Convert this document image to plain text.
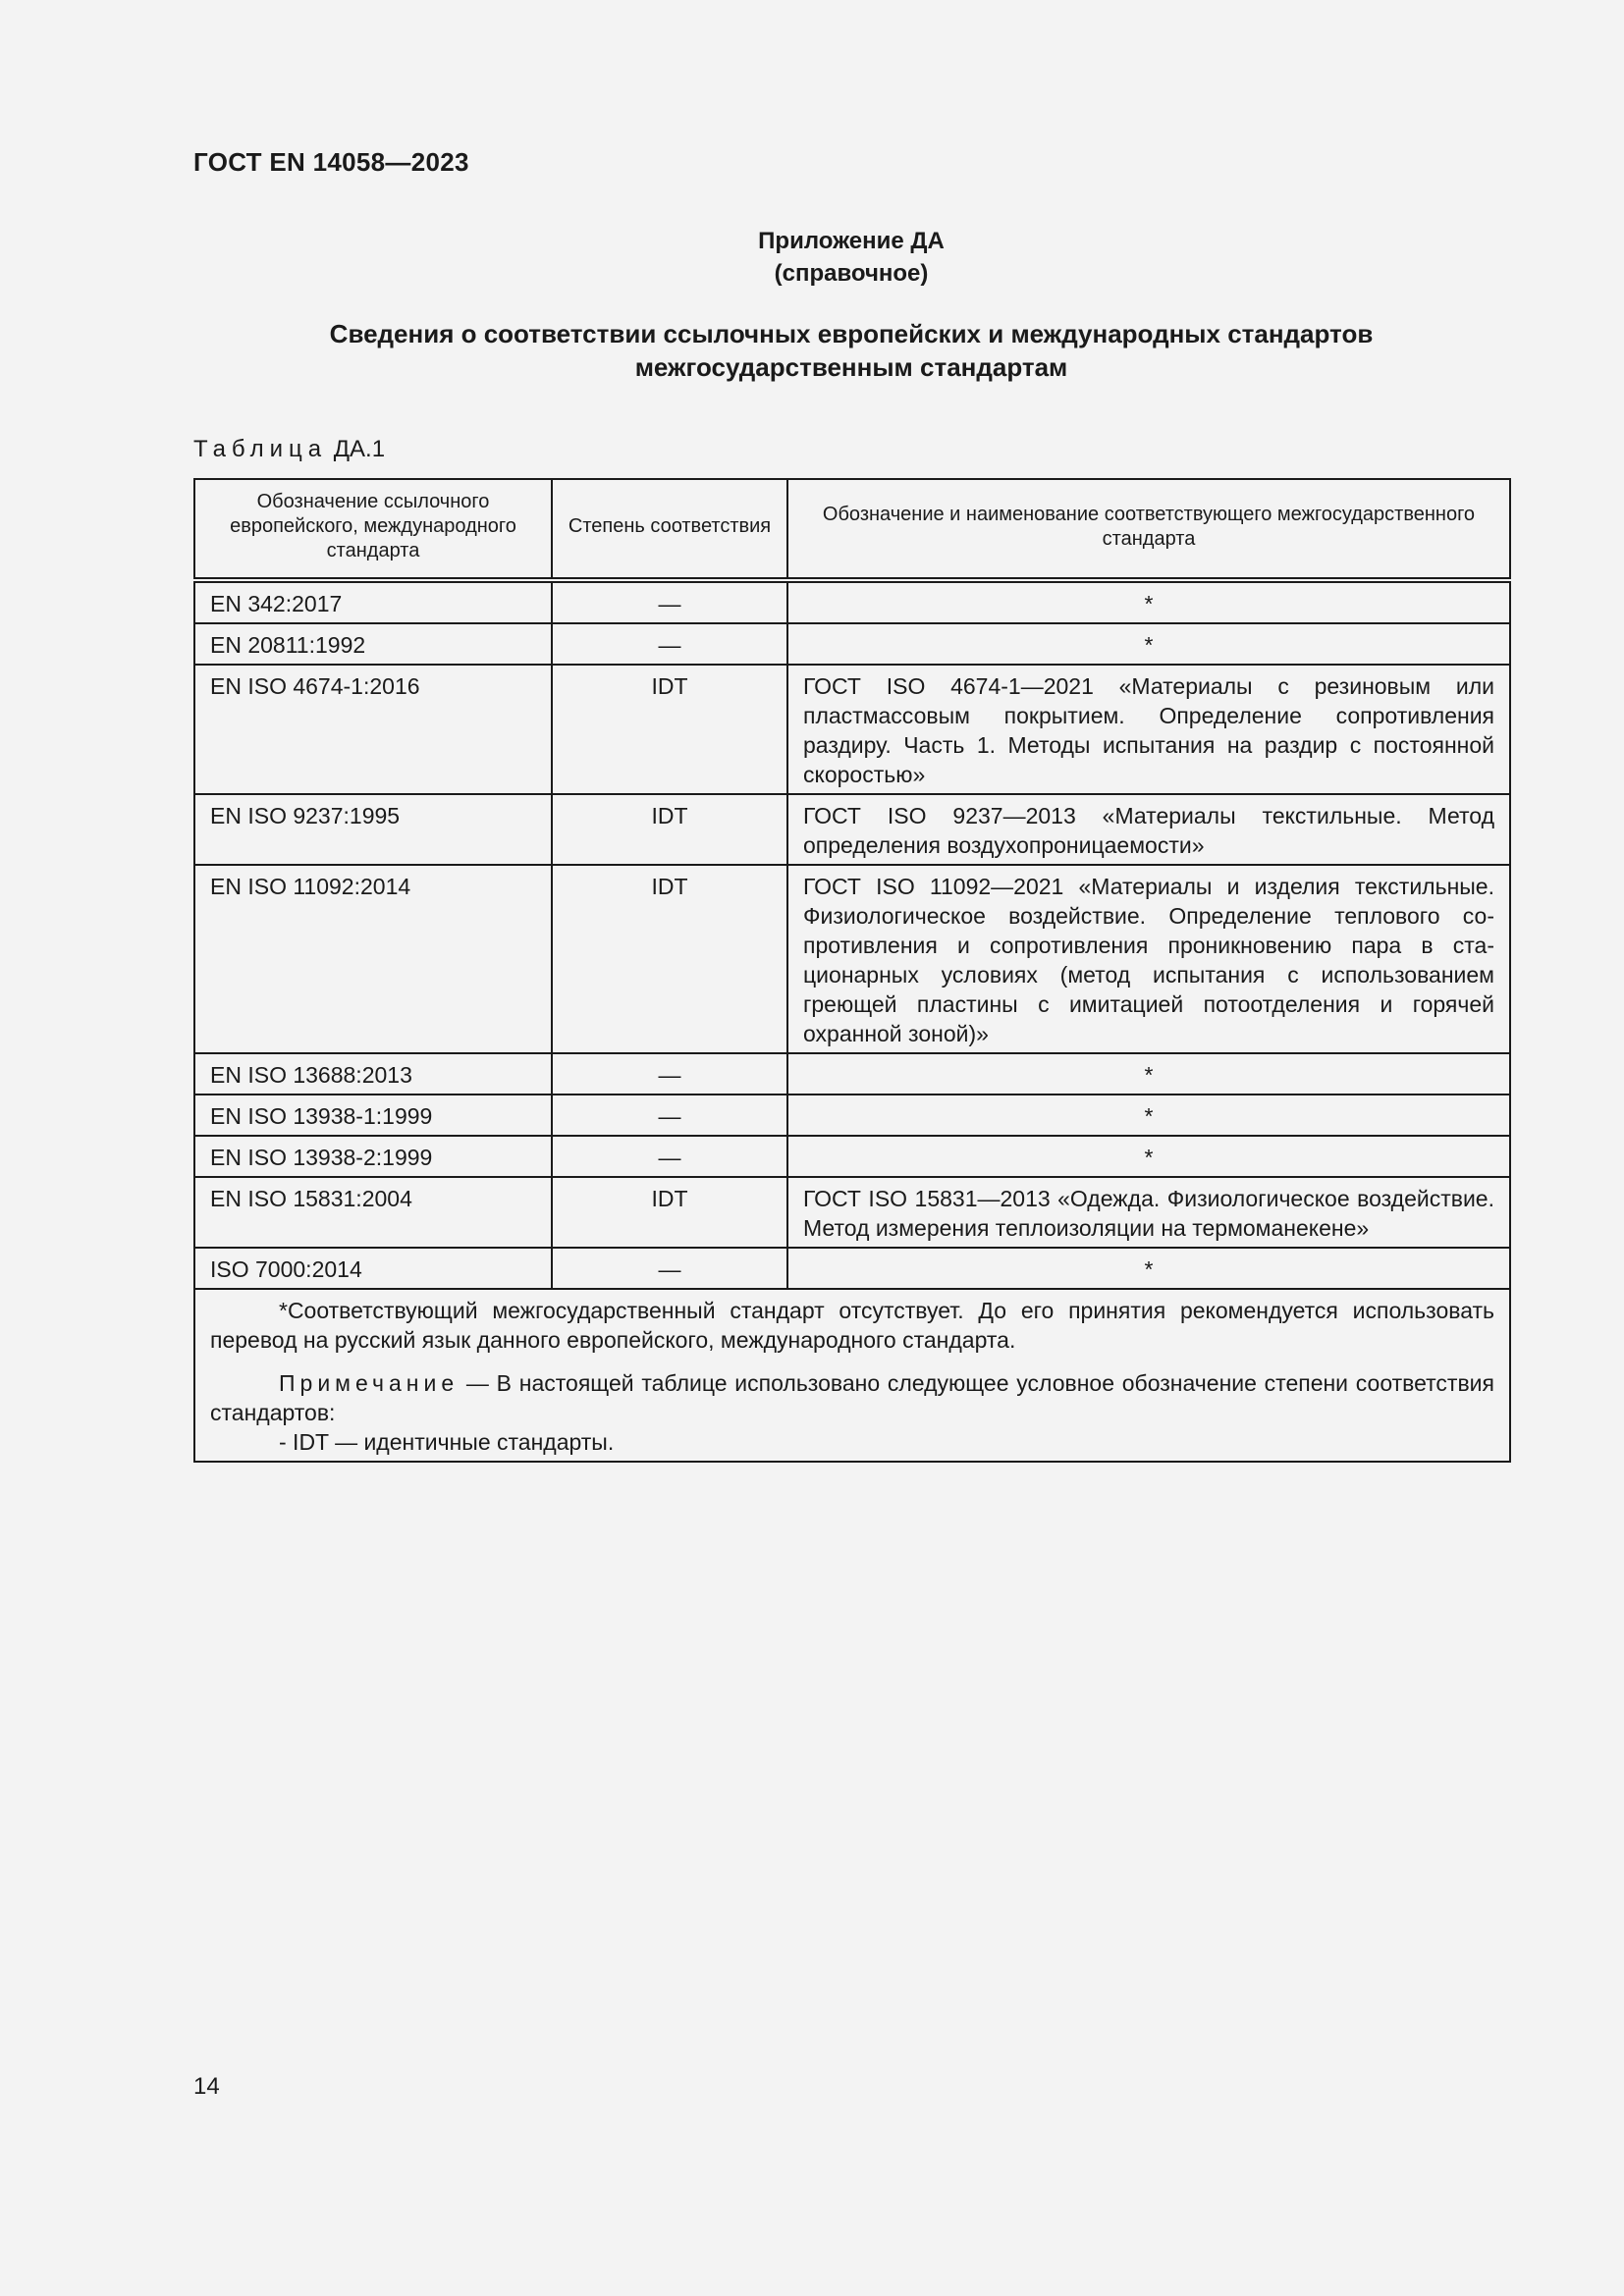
ГОСТ EN 14058—2023
Приложение ДА
(справочное)
Сведения о соответствии ссылочных европейских и международных стандартов
межгосударственным стандартам
Таблица ДА.1
Обозначение ссылочного европейского, международного стандарта	Степень соответствия	Обозначение и наименование соответствующего межгосударственного стандарта
EN 342:2017	—	*
EN 20811:1992	—	*
EN ISO 4674-1:2016	IDT	ГОСТ ISO 4674-1—2021 «Материалы с резиновым или пластмассовым покрытием. Определение сопротивления раздиру. Часть 1. Методы испытания на раздир с постоянной скоростью»
EN ISO 9237:1995	IDT	ГОСТ ISO 9237—2013 «Материалы текстильные. Метод определения воздухопроницаемости»
EN ISO 11092:2014	IDT	ГОСТ ISO 11092—2021 «Материалы и изделия текстильные. Физиологическое воздействие. Определение теплового сопротивления и сопротивления проникновению пара в стационарных условиях (метод испытания с использованием греющей пластины с имитацией потоотделения и горячей охранной зоной)»
EN ISO 13688:2013	—	*
EN ISO 13938-1:1999	—	*
EN ISO 13938-2:1999	—	*
EN ISO 15831:2004	IDT	ГОСТ ISO 15831—2013 «Одежда. Физиологическое воздействие. Метод измерения теплоизоляции на термоманекене»
ISO 7000:2014	—	*

*Соответствующий межгосударственный стандарт отсутствует. До его принятия рекомендуется использовать перевод на русский язык данного европейского, международного стандарта.

Примечание — В настоящей таблице использовано следующее условное обозначение степени соответствия стандартов:

- IDT — идентичные стандарты.		

14
